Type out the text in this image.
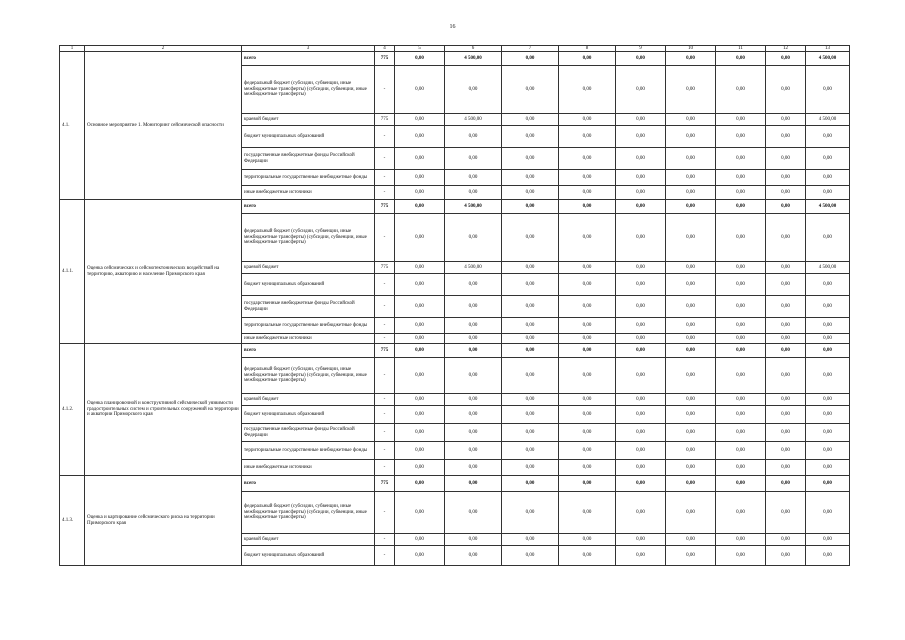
16
1	2	3	4	5	6	7	8	9	10	11	12	13
4.1.	Основное мероприятие 1. Мониторинг сейсмической опасности	всего	775	0,00	4 500,00	0,00	0,00	0,00	0,00	0,00	0,00	4 500,00
		федеральный бюджет (субсидии, субвенции, иные межбюджетные трансферты) (субсидии, субвенции, иные межбюджетные трансферты)	-	0,00	0,00	0,00	0,00	0,00	0,00	0,00	0,00	0,00
		краевой бюджет	775	0,00	4 500,00	0,00	0,00	0,00	0,00	0,00	0,00	4 500,00
		бюджет муниципальных образований	-	0,00	0,00	0,00	0,00	0,00	0,00	0,00	0,00	0,00
		государственные внебюджетные фонды Российской Федерации	-	0,00	0,00	0,00	0,00	0,00	0,00	0,00	0,00	0,00
		территориальные государственные внебюджетные фонды	-	0,00	0,00	0,00	0,00	0,00	0,00	0,00	0,00	0,00
		иные внебюджетные источники	-	0,00	0,00	0,00	0,00	0,00	0,00	0,00	0,00	0,00
4.1.1.	Оценка сейсмических и сейсмотектонических воздействий на территорию, акваторию и население Приморского края	всего	775	0,00	4 500,00	0,00	0,00	0,00	0,00	0,00	0,00	4 500,00
		федеральный бюджет (субсидии, субвенции, иные межбюджетные трансферты) (субсидии, субвенции, иные межбюджетные трансферты)	-	0,00	0,00	0,00	0,00	0,00	0,00	0,00	0,00	0,00
		краевой бюджет	775	0,00	4 500,00	0,00	0,00	0,00	0,00	0,00	0,00	4 500,00
		бюджет муниципальных образований	-	0,00	0,00	0,00	0,00	0,00	0,00	0,00	0,00	0,00
		государственные внебюджетные фонды Российской Федерации	-	0,00	0,00	0,00	0,00	0,00	0,00	0,00	0,00	0,00
		территориальные государственные внебюджетные фонды	-	0,00	0,00	0,00	0,00	0,00	0,00	0,00	0,00	0,00
		иные внебюджетные источники	-	0,00	0,00	0,00	0,00	0,00	0,00	0,00	0,00	0,00
4.1.2.	Оценка планировочной и конструктивной сейсмической уязвимости градостроительных систем и строительных сооружений на территории и акватории Приморского края	всего	775	0,00	0,00	0,00	0,00	0,00	0,00	0,00	0,00	0,00
		федеральный бюджет (субсидии, субвенции, иные межбюджетные трансферты) (субсидии, субвенции, иные межбюджетные трансферты)	-	0,00	0,00	0,00	0,00	0,00	0,00	0,00	0,00	0,00
		краевой бюджет	-	0,00	0,00	0,00	0,00	0,00	0,00	0,00	0,00	0,00
		бюджет муниципальных образований	-	0,00	0,00	0,00	0,00	0,00	0,00	0,00	0,00	0,00
		государственные внебюджетные фонды Российской Федерации	-	0,00	0,00	0,00	0,00	0,00	0,00	0,00	0,00	0,00
		территориальные государственные внебюджетные фонды	-	0,00	0,00	0,00	0,00	0,00	0,00	0,00	0,00	0,00
		иные внебюджетные источники	-	0,00	0,00	0,00	0,00	0,00	0,00	0,00	0,00	0,00
4.1.3.	Оценка и картирование сейсмического риска на территории Приморского края	всего	775	0,00	0,00	0,00	0,00	0,00	0,00	0,00	0,00	0,00
		федеральный бюджет (субсидии, субвенции, иные межбюджетные трансферты) (субсидии, субвенции, иные межбюджетные трансферты)	-	0,00	0,00	0,00	0,00	0,00	0,00	0,00	0,00	0,00
		краевой бюджет	-	0,00	0,00	0,00	0,00	0,00	0,00	0,00	0,00	0,00
		бюджет муниципальных образований	-	0,00	0,00	0,00	0,00	0,00	0,00	0,00	0,00	0,00
